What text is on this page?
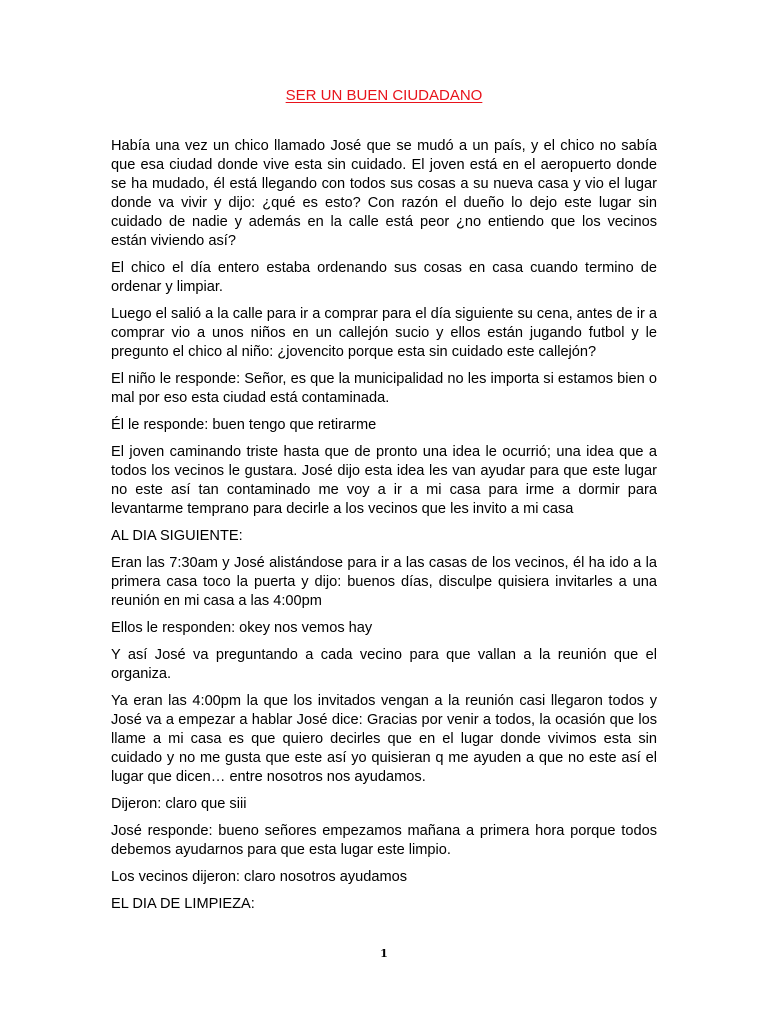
SER UN BUEN CIUDADANO

Había una vez un chico llamado José que se mudó a un país, y el chico no sabía que esa ciudad donde vive esta sin cuidado. El joven está en el aeropuerto donde se ha mudado, él está llegando con todos sus cosas a su nueva casa y vio el lugar donde va vivir y dijo: ¿qué es esto? Con razón el dueño lo dejo este lugar sin cuidado de nadie y además en la calle está peor ¿no entiendo que los vecinos están viviendo así?

El chico el día entero estaba ordenando sus cosas en casa cuando termino de ordenar y limpiar.

Luego el salió a la calle para ir a comprar para el día siguiente su cena, antes de ir a comprar vio a unos niños en un callejón sucio y ellos están jugando futbol y le pregunto el chico al niño: ¿jovencito porque esta sin cuidado este callejón?

El niño le responde: Señor, es que la municipalidad no les importa si estamos bien o mal por eso esta ciudad está contaminada.

Él le responde: buen tengo que retirarme

El joven caminando triste hasta que de pronto una idea le ocurrió; una idea que a todos los vecinos le gustara. José dijo esta idea les van ayudar para que este lugar no este así tan contaminado me voy a ir a mi casa para irme a dormir para levantarme temprano para decirle a los vecinos que les invito a mi casa

AL DIA SIGUIENTE:

Eran las 7:30am y José alistándose para ir a las casas de los vecinos, él ha ido a la primera casa toco la puerta y dijo: buenos días, disculpe quisiera invitarles a una reunión en mi casa a las 4:00pm

Ellos le responden: okey nos vemos hay

Y así José va preguntando a cada vecino para que vallan a la reunión que el organiza.

Ya eran las 4:00pm la que los invitados vengan a la reunión casi llegaron todos y José va a empezar a hablar José dice: Gracias por venir a todos, la ocasión que los llame a mi casa es que quiero decirles que en el lugar donde vivimos esta sin cuidado y no me gusta que este así yo quisieran q me ayuden a que no este así el lugar que dicen… entre nosotros nos ayudamos.

Dijeron: claro que siii

José responde: bueno señores empezamos mañana a primera hora porque todos debemos ayudarnos para que esta lugar este limpio.

Los vecinos dijeron: claro nosotros ayudamos

EL DIA DE LIMPIEZA:

1
